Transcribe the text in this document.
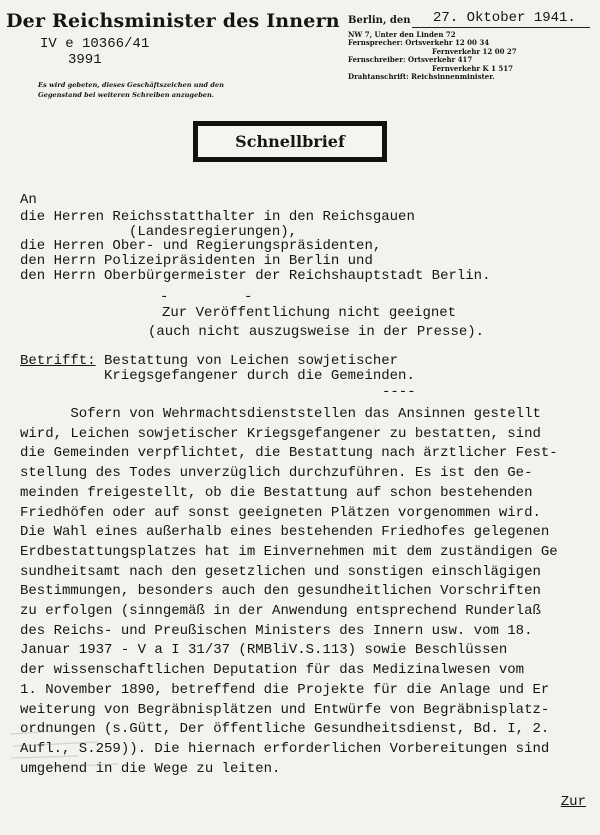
Der Reichsminister des Innern
IV e 10366/41
3991
Es wird gebeten, dieses Geschäftszeichen und den
Gegenstand bei weiteren Schreiben anzugeben.
Berlin, den 27. Oktober 1941.
NW 7, Unter den Linden 72
Fernsprecher: Ortsverkehr 12 00 34
Fernverkehr 12 00 27
Fernschreiber: Ortsverkehr 417
Fernverkehr K 1 517
Drahtanschrift: Reichsinnenminister.
Schnellbrief
An
die Herren Reichsstatthalter in den Reichsgauen
(Landesregierungen),
die Herren Ober- und Regierungspräsidenten,
den Herrn Polizeipräsidenten in Berlin und
den Herrn Oberbürgermeister der Reichshauptstadt Berlin.
-         -
Zur Veröffentlichung nicht geeignet
(auch nicht auszugsweise in der Presse).
Betrifft: Bestattung von Leichen sowjetischer
Kriegsgefangener durch die Gemeinden.
----
Sofern von Wehrmachtsdienststellen das Ansinnen gestellt
wird, Leichen sowjetischer Kriegsgefangener zu bestatten, sind
die Gemeinden verpflichtet, die Bestattung nach ärztlicher Fest-
stellung des Todes unverzüglich durchzuführen. Es ist den Ge-
meinden freigestellt, ob die Bestattung auf schon bestehenden
Friedhöfen oder auf sonst geeigneten Plätzen vorgenommen wird.
Die Wahl eines außerhalb eines bestehenden Friedhofes gelegenen
Erdbestattungsplatzes hat im Einvernehmen mit dem zuständigen Ge
sundheitsamt nach den gesetzlichen und sonstigen einschlägigen
Bestimmungen, besonders auch den gesundheitlichen Vorschriften
zu erfolgen (sinngemäß in der Anwendung entsprechend Runderlaß
des Reichs- und Preußischen Ministers des Innern usw. vom 18.
Januar 1937 - V a I 31/37 (RMBliV.S.113) sowie Beschlüssen
der wissenschaftlichen Deputation für das Medizinalwesen vom
1. November 1890, betreffend die Projekte für die Anlage und Er
weiterung von Begräbnisplätzen und Entwürfe von Begräbnisplatz-
ordnungen (s.Gütt, Der öffentliche Gesundheitsdienst, Bd. I, 2.
Aufl., S.259)). Die hiernach erforderlichen Vorbereitungen sind
umgehend in die Wege zu leiten.
Zur
